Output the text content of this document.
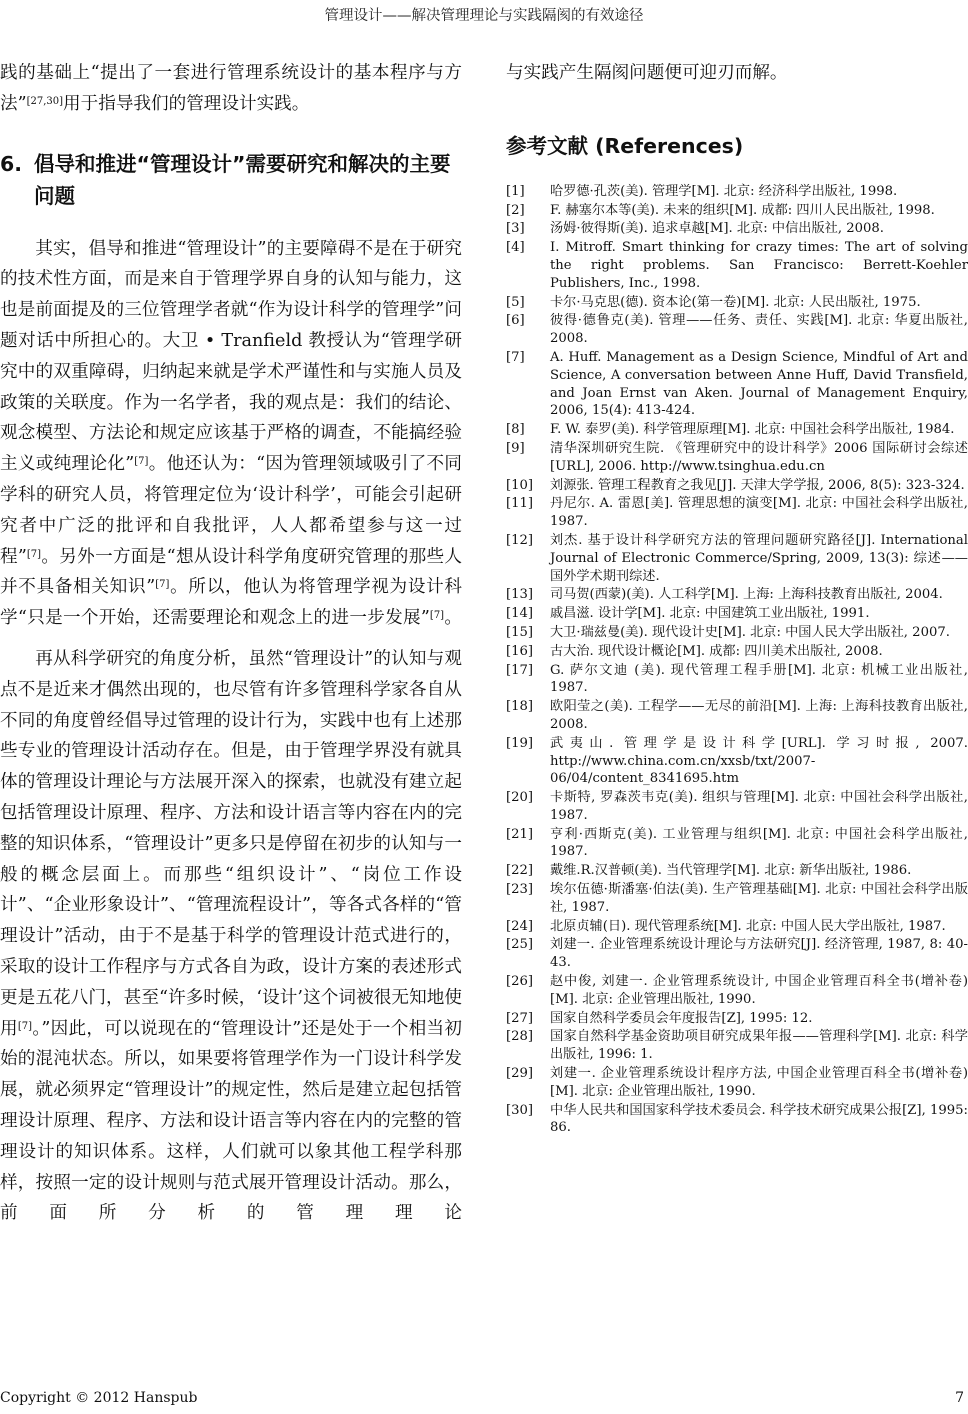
管理设计——解决管理理论与实践隔阂的有效途径

践的基础上“提出了一套进行管理系统设计的基本程序与方法”[27,30]用于指导我们的管理设计实践。

6. 倡导和推进“管理设计”需要研究和解决的主要问题

其实，倡导和推进“管理设计”的主要障碍不是在于研究的技术性方面，而是来自于管理学界自身的认知与能力，这也是前面提及的三位管理学者就“作为设计科学的管理学”问题对话中所担心的。大卫 • Tranfield 教授认为“管理学研究中的双重障碍，归纳起来就是学术严谨性和与实施人员及政策的关联度。作为一名学者，我的观点是：我们的结论、观念模型、方法论和规定应该基于严格的调查，不能搞经验主义或纯理论化”[7]。他还认为：“因为管理领域吸引了不同学科的研究人员，将管理定位为‘设计科学’，可能会引起研究者中广泛的批评和自我批评，人人都希望参与这一过程”[7]。另外一方面是“想从设计科学角度研究管理的那些人并不具备相关知识”[7]。所以，他认为将管理学视为设计科学“只是一个开始，还需要理论和观念上的进一步发展”[7]。

再从科学研究的角度分析，虽然“管理设计”的认知与观点不是近来才偶然出现的，也尽管有许多管理科学家各自从不同的角度曾经倡导过管理的设计行为，实践中也有上述那些专业的管理设计活动存在。但是，由于管理学界没有就具体的管理设计理论与方法展开深入的探索，也就没有建立起包括管理设计原理、程序、方法和设计语言等内容在内的完整的知识体系，“管理设计”更多只是停留在初步的认知与一般的概念层面上。而那些“组织设计”、“岗位工作设计”、“企业形象设计”、“管理流程设计”，等各式各样的“管理设计”活动，由于不是基于科学的管理设计范式进行的，采取的设计工作程序与方式各自为政，设计方案的表述形式更是五花八门，甚至“许多时候，‘设计’这个词被很无知地使用[7]。”因此，可以说现在的“管理设计”还是处于一个相当初始的混沌状态。所以，如果要将管理学作为一门设计科学发展，就必须界定“管理设计”的规定性，然后是建立起包括管理设计原理、程序、方法和设计语言等内容在内的完整的管理设计的知识体系。这样，人们就可以象其他工程学科那样，按照一定的设计规则与范式展开管理设计活动。那么，前面所分析的管理理论

与实践产生隔阂问题便可迎刃而解。

参考文献 (References)
[1]	哈罗德·孔茨(美). 管理学[M]. 北京: 经济科学出版社, 1998.
[2]	F. 赫塞尔本等(美). 未来的组织[M]. 成都: 四川人民出版社, 1998.
[3]	汤姆·彼得斯(美). 追求卓越[M]. 北京: 中信出版社, 2008.
[4]	I. Mitroff. Smart thinking for crazy times: The art of solving the right problems. San Francisco: Berrett-Koehler Publishers, Inc., 1998.
[5]	卡尔·马克思(德). 资本论(第一卷)[M]. 北京: 人民出版社, 1975.
[6]	彼得·德鲁克(美). 管理——任务、责任、实践[M]. 北京: 华夏出版社, 2008.
[7]	A. Huff. Management as a Design Science, Mindful of Art and Science, A conversation between Anne Huff, David Transfield, and Joan Ernst van Aken. Journal of Management Enquiry, 2006, 15(4): 413-424.
[8]	F. W. 泰罗(美). 科学管理原理[M]. 北京: 中国社会科学出版社, 1984.
[9]	清华深圳研究生院. 《管理研究中的设计科学》2006 国际研讨会综述[URL], 2006. http://www.tsinghua.edu.cn
[10]	刘源张. 管理工程教育之我见[J]. 天津大学学报, 2006, 8(5): 323-324.
[11]	丹尼尔. A. 雷恩[美]. 管理思想的演变[M]. 北京: 中国社会科学出版社, 1987.
[12]	刘杰. 基于设计科学研究方法的管理问题研究路径[J]. International Journal of Electronic Commerce/Spring, 2009, 13(3): 综述——国外学术期刊综述.
[13]	司马贺(西蒙)(美). 人工科学[M]. 上海: 上海科技教育出版社, 2004.
[14]	戚昌滋. 设计学[M]. 北京: 中国建筑工业出版社, 1991.
[15]	大卫·瑞兹曼(美). 现代设计史[M]. 北京: 中国人民大学出版社, 2007.
[16]	古大治. 现代设计概论[M]. 成都: 四川美术出版社, 2008.
[17]	G. 萨尔文迪 (美). 现代管理工程手册[M]. 北京: 机械工业出版社, 1987.
[18]	欧阳莹之(美). 工程学——无尽的前沿[M]. 上海: 上海科技教育出版社, 2008.
[19]	武夷山. 管理学是设计科学[URL]. 学习时报, 2007. http://www.china.com.cn/xxsb/txt/2007-06/04/content_8341695.htm
[20]	卡斯特, 罗森茨韦克(美). 组织与管理[M]. 北京: 中国社会科学出版社, 1987.
[21]	亨利·西斯克(美). 工业管理与组织[M]. 北京: 中国社会科学出版社, 1987.
[22]	戴维.R.汉普顿(美). 当代管理学[M]. 北京: 新华出版社, 1986.
[23]	埃尔伍德·斯潘塞·伯法(美). 生产管理基础[M]. 北京: 中国社会科学出版社, 1987.
[24]	北原贞辅(日). 现代管理系统[M]. 北京: 中国人民大学出版社, 1987.
[25]	刘建一. 企业管理系统设计理论与方法研究[J]. 经济管理, 1987, 8: 40-43.
[26]	赵中俊, 刘建一. 企业管理系统设计, 中国企业管理百科全书(增补卷)[M]. 北京: 企业管理出版社, 1990.
[27]	国家自然科学委员会年度报告[Z], 1995: 12.
[28]	国家自然科学基金资助项目研究成果年报——管理科学[M]. 北京: 科学出版社, 1996: 1.
[29]	刘建一. 企业管理系统设计程序方法, 中国企业管理百科全书(增补卷)[M]. 北京: 企业管理出版社, 1990.
[30]	中华人民共和国国家科学技术委员会. 科学技术研究成果公报[Z], 1995: 86.
Copyright © 2012 Hanspub	7
